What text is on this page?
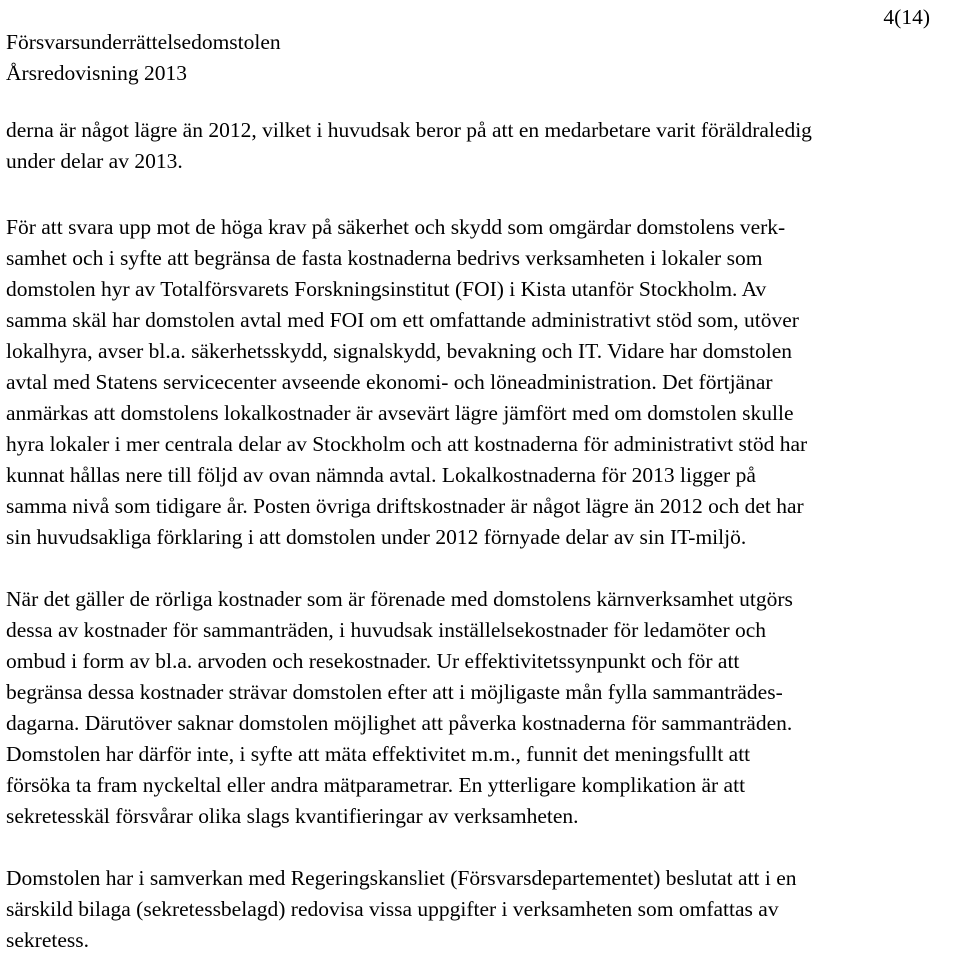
4(14)
Försvarsunderrättelsedomstolen
Årsredovisning 2013

derna är något lägre än 2012, vilket i huvudsak beror på att en medarbetare varit föräldraledig
under delar av 2013.

För att svara upp mot de höga krav på säkerhet och skydd som omgärdar domstolens verk-
samhet och i syfte att begränsa de fasta kostnaderna bedrivs verksamheten i lokaler som
domstolen hyr av Totalförsvarets Forskningsinstitut (FOI) i Kista utanför Stockholm. Av
samma skäl har domstolen avtal med FOI om ett omfattande administrativt stöd som, utöver
lokalhyra, avser bl.a. säkerhetsskydd, signalskydd, bevakning och IT. Vidare har domstolen
avtal med Statens servicecenter avseende ekonomi- och löneadministration. Det förtjänar
anmärkas att domstolens lokalkostnader är avsevärt lägre jämfört med om domstolen skulle
hyra lokaler i mer centrala delar av Stockholm och att kostnaderna för administrativt stöd har
kunnat hållas nere till följd av ovan nämnda avtal. Lokalkostnaderna för 2013 ligger på
samma nivå som tidigare år. Posten övriga driftskostnader är något lägre än 2012 och det har
sin huvudsakliga förklaring i att domstolen under 2012 förnyade delar av sin IT-miljö.

När det gäller de rörliga kostnader som är förenade med domstolens kärnverksamhet utgörs
dessa av kostnader för sammanträden, i huvudsak inställelsekostnader för ledamöter och
ombud i form av bl.a. arvoden och resekostnader. Ur effektivitetssynpunkt och för att
begränsa dessa kostnader strävar domstolen efter att i möjligaste mån fylla sammanträdes-
dagarna. Därutöver saknar domstolen möjlighet att påverka kostnaderna för sammanträden.
Domstolen har därför inte, i syfte att mäta effektivitet m.m., funnit det meningsfullt att
försöka ta fram nyckeltal eller andra mätparametrar. En ytterligare komplikation är att
sekretesskäl försvårar olika slags kvantifieringar av verksamheten.

Domstolen har i samverkan med Regeringskansliet (Försvarsdepartementet) beslutat att i en
särskild bilaga (sekretessbelagd) redovisa vissa uppgifter i verksamheten som omfattas av
sekretess.
